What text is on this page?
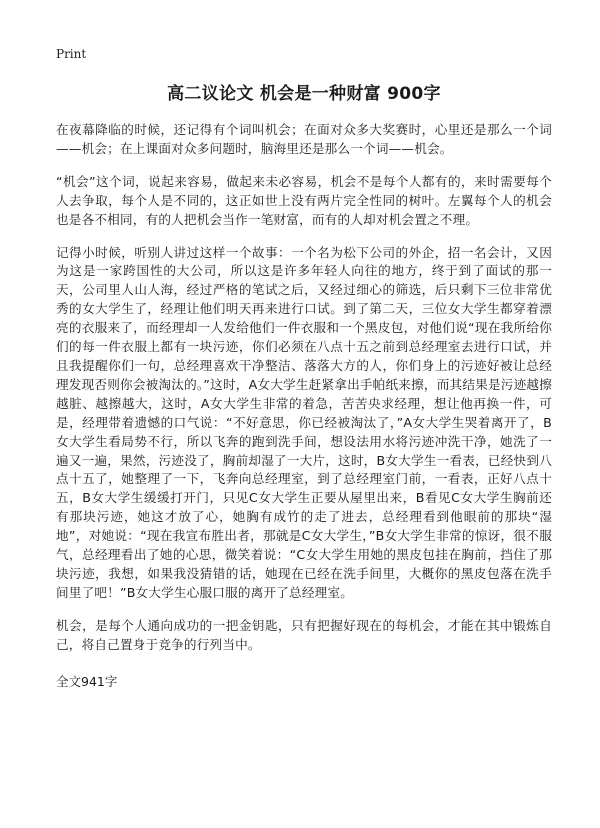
Print
高二议论文 机会是一种财富 900字

在夜幕降临的时候，还记得有个词叫机会；在面对众多大奖赛时，心里还是那么一个词——机会；在上课面对众多问题时，脑海里还是那么一个词——机会。

“机会”这个词，说起来容易，做起来未必容易，机会不是每个人都有的，来时需要每个人去争取，每个人是不同的，这正如世上没有两片完全性同的树叶。左翼每个人的机会也是各不相同，有的人把机会当作一笔财富，而有的人却对机会置之不理。

记得小时候，听别人讲过这样一个故事：一个名为松下公司的外企，招一名会计，又因为这是一家跨国性的大公司，所以这是许多年轻人向往的地方，终于到了面试的那一天，公司里人山人海，经过严格的笔试之后，又经过细心的筛选，后只剩下三位非常优秀的女大学生了，经理让他们明天再来进行口试。到了第二天，三位女大学生都穿着漂亮的衣服来了，而经理却一人发给他们一件衣服和一个黑皮包，对他们说“现在我所给你们的每一件衣服上都有一块污迹，你们必须在八点十五之前到总经理室去进行口试，并且我提醒你们一句，总经理喜欢干净整洁、落落大方的人，你们身上的污迹好被让总经理发现否则你会被淘汰的。”这时，A女大学生赶紧拿出手帕纸来擦，而其结果是污迹越擦越脏、越擦越大，这时，A女大学生非常的着急，苦苦央求经理，想让他再换一件，可是，经理带着遗憾的口气说：“不好意思，你已经被淘汰了，”A女大学生哭着离开了，B女大学生看局势不行，所以飞奔的跑到洗手间，想设法用水将污迹冲洗干净，她洗了一遍又一遍，果然，污迹没了，胸前却湿了一大片，这时，B女大学生一看表，已经快到八点十五了，她整理了一下，飞奔向总经理室，到了总经理室门前，一看表，正好八点十五，B女大学生缓缓打开门，只见C女大学生正要从屋里出来，B看见C女大学生胸前还有那块污迹，她这才放了心，她胸有成竹的走了进去，总经理看到他眼前的那块“湿地”，对她说：“现在我宣布胜出者，那就是C女大学生，”B女大学生非常的惊讶，很不服气，总经理看出了她的心思，微笑着说：“C女大学生用她的黑皮包挂在胸前，挡住了那块污迹，我想，如果我没猜错的话，她现在已经在洗手间里，大概你的黑皮包落在洗手间里了吧！”B女大学生心服口服的离开了总经理室。

机会，是每个人通向成功的一把金钥匙，只有把握好现在的每机会，才能在其中锻炼自己，将自己置身于竞争的行列当中。

全文941字
